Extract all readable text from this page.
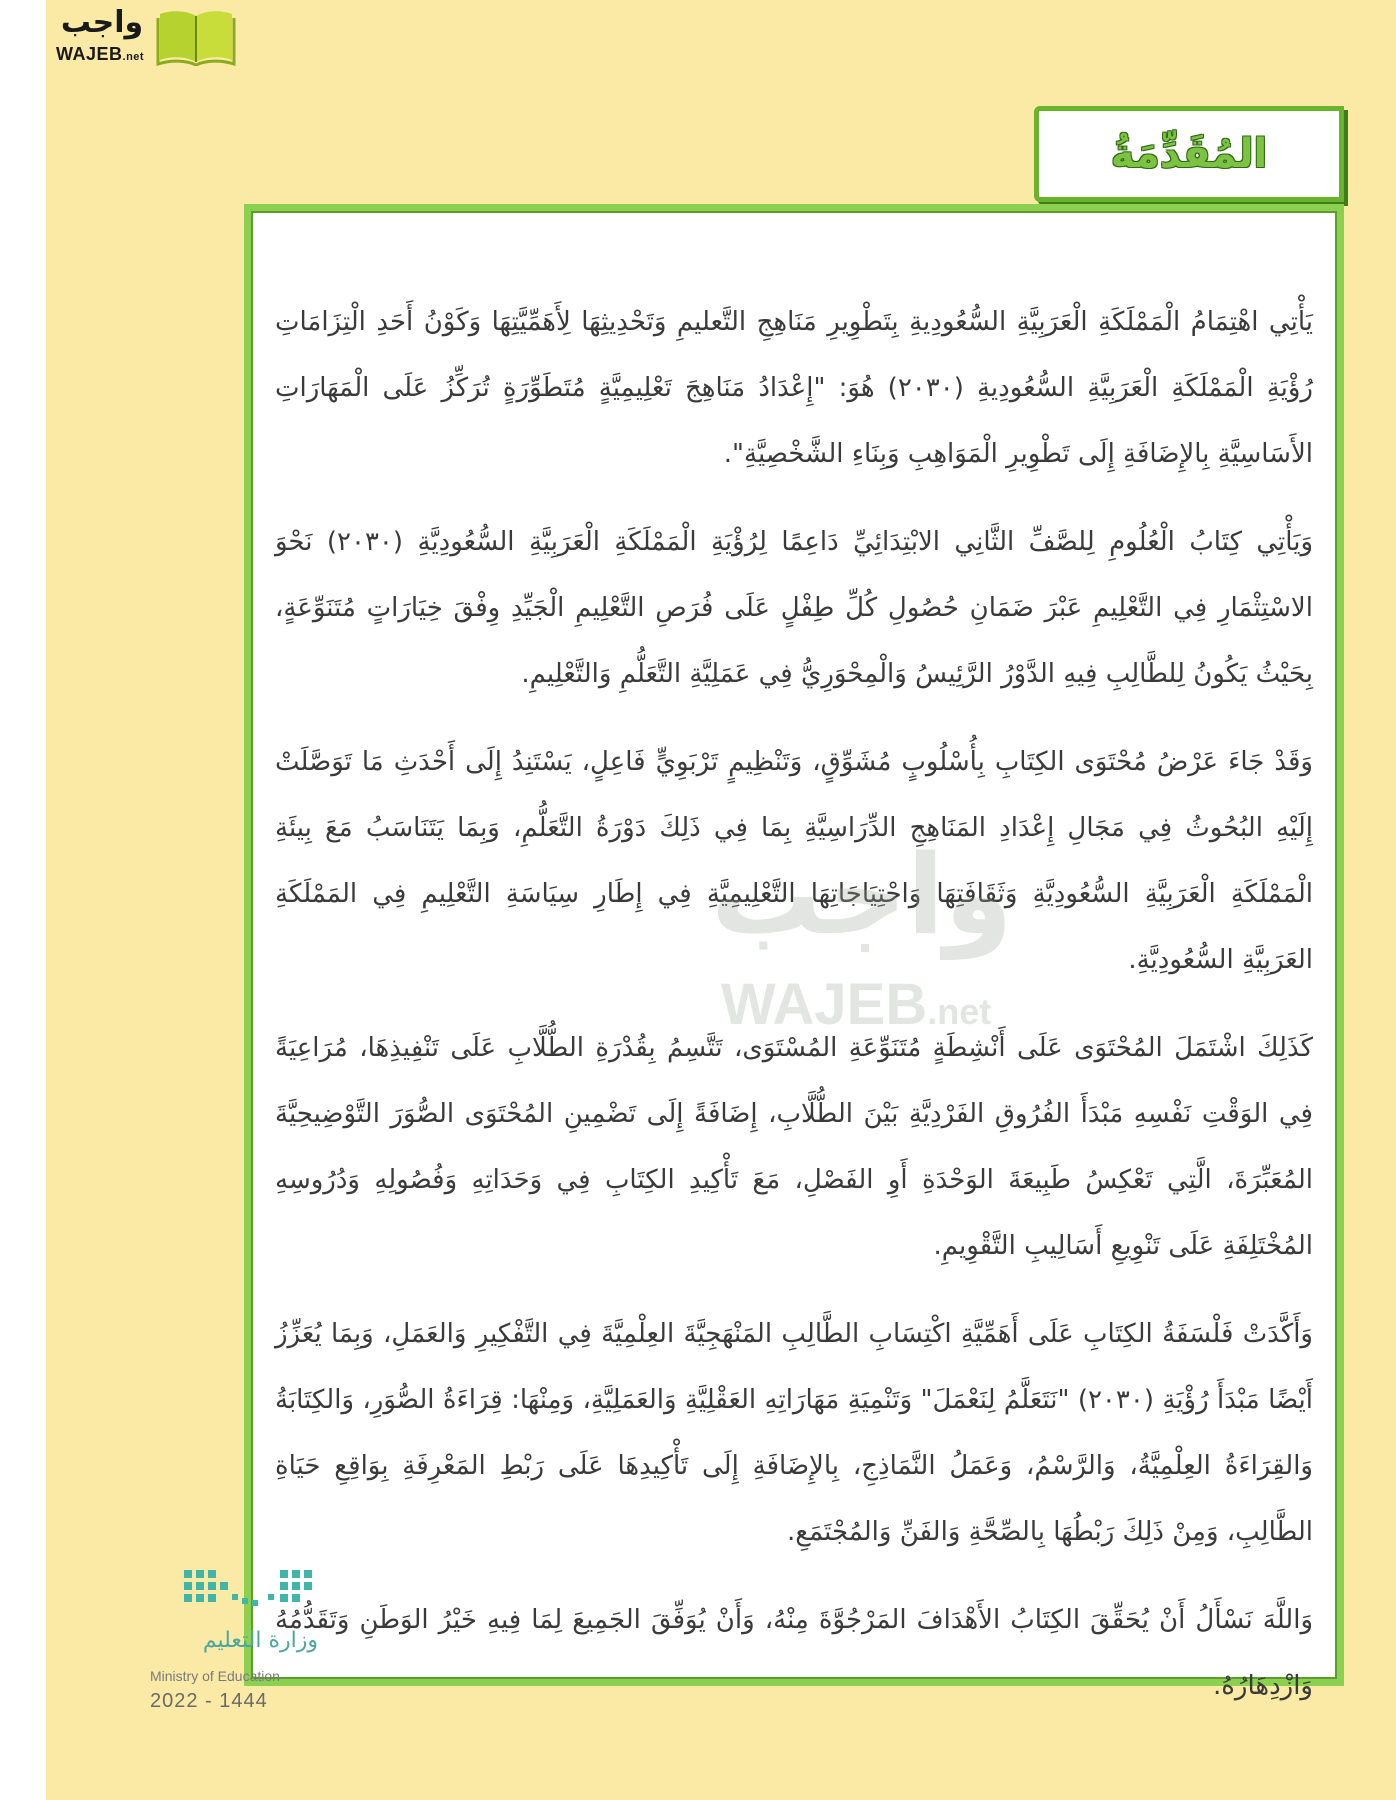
واجب
WAJEB.net
المُقَدِّمَةُ

يَأْتِي اهْتِمَامُ الْمَمْلَكَةِ الْعَرَبِيَّةِ السُّعُودِيةِ بِتَطْوِيرِ مَنَاهِجِ التَّعليمِ وَتَحْدِيثِهَا لِأَهَمِّيَّتِهَا وَكَوْنُ أَحَدِ الْتِزَامَاتِ رُؤْيَةِ الْمَمْلَكَةِ الْعَرَبِيَّةِ السُّعُودِيةِ (٢٠٣٠) هُوَ: "إِعْدَادُ مَنَاهِجَ تَعْلِيمِيَّةٍ مُتَطَوِّرَةٍ تُرَكِّزُ عَلَى الْمَهَارَاتِ الأَسَاسِيَّةِ بِالإِضَافَةِ إِلَى تَطْوِيرِ الْمَوَاهِبِ وَبِنَاءِ الشَّخْصِيَّةِ".

وَيَأْتِي كِتَابُ الْعُلُومِ لِلصَّفِّ الثَّانِي الابْتِدَائِيِّ دَاعِمًا لِرُؤْيَةِ الْمَمْلَكَةِ الْعَرَبِيَّةِ السُّعُودِيَّةِ (٢٠٣٠) نَحْوَ الاسْتِثْمَارِ فِي التَّعْلِيمِ عَبْرَ ضَمَانِ حُصُولِ كُلِّ طِفْلٍ عَلَى فُرَصِ التَّعْلِيمِ الْجَيِّدِ وِفْقَ خِيَارَاتٍ مُتَنَوِّعَةٍ، بِحَيْثُ يَكُونُ لِلطَّالِبِ فِيهِ الدَّوْرُ الرَّئِيسُ وَالْمِحْوَرِيُّ فِي عَمَلِيَّةِ التَّعَلُّمِ وَالتَّعْلِيمِ.

وَقَدْ جَاءَ عَرْضُ مُحْتَوَى الكِتَابِ بِأُسْلُوبٍ مُشَوِّقٍ، وَتَنْظِيمٍ تَرْبَوِيٍّ فَاعِلٍ، يَسْتَنِدُ إِلَى أَحْدَثِ مَا تَوَصَّلَتْ إِلَيْهِ البُحُوثُ فِي مَجَالِ إِعْدَادِ المَنَاهِجِ الدِّرَاسِيَّةِ بِمَا فِي ذَلِكَ دَوْرَةُ التَّعَلُّمِ، وَبِمَا يَتَنَاسَبُ مَعَ بِيئَةِ الْمَمْلَكَةِ الْعَرَبِيَّةِ السُّعُودِيَّةِ وَثَقَافَتِهَا وَاحْتِيَاجَاتِهَا التَّعْلِيمِيَّةِ فِي إِطَارِ سِيَاسَةِ التَّعْلِيمِ فِي المَمْلَكَةِ العَرَبِيَّةِ السُّعُودِيَّةِ.

كَذَلِكَ اشْتَمَلَ المُحْتَوَى عَلَى أَنْشِطَةٍ مُتَنَوِّعَةِ المُسْتَوَى، تَتَّسِمُ بِقُدْرَةِ الطُّلَّابِ عَلَى تَنْفِيذِهَا، مُرَاعِيَةً فِي الوَقْتِ نَفْسِهِ مَبْدَأَ الفُرُوقِ الفَرْدِيَّةِ بَيْنَ الطُّلَّابِ، إِضَافَةً إِلَى تَضْمِينِ المُحْتَوَى الصُّوَرَ التَّوْضِيحِيَّةَ المُعَبِّرَةَ، الَّتِي تَعْكِسُ طَبِيعَةَ الوَحْدَةِ أَوِ الفَصْلِ، مَعَ تَأْكِيدِ الكِتَابِ فِي وَحَدَاتِهِ وَفُصُولِهِ وَدُرُوسِهِ المُخْتَلِفَةِ عَلَى تَنْوِيعِ أَسَالِيبِ التَّقْوِيمِ.

وَأَكَّدَتْ فَلْسَفَةُ الكِتَابِ عَلَى أَهَمِّيَّةِ اكْتِسَابِ الطَّالِبِ المَنْهَجِيَّةَ العِلْمِيَّةَ فِي التَّفْكِيرِ وَالعَمَلِ، وَبِمَا يُعَزِّزُ أَيْضًا مَبْدَأَ رُؤْيَةِ (٢٠٣٠) "نَتَعَلَّمُ لِنَعْمَلَ" وَتَنْمِيَةِ مَهَارَاتِهِ العَقْلِيَّةِ وَالعَمَلِيَّةِ، وَمِنْهَا: قِرَاءَةُ الصُّوَرِ، وَالكِتَابَةُ وَالقِرَاءَةُ العِلْمِيَّةُ، وَالرَّسْمُ، وَعَمَلُ النَّمَاذِجِ، بِالإِضَافَةِ إِلَى تَأْكِيدِهَا عَلَى رَبْطِ المَعْرِفَةِ بِوَاقِعِ حَيَاةِ الطَّالِبِ، وَمِنْ ذَلِكَ رَبْطُهَا بِالصِّحَّةِ وَالفَنِّ وَالمُجْتَمَعِ.

وَاللَّهَ نَسْأَلُ أَنْ يُحَقِّقَ الكِتَابُ الأَهْدَافَ المَرْجُوَّةَ مِنْهُ، وَأَنْ يُوَفِّقَ الجَمِيعَ لِمَا فِيهِ خَيْرُ الوَطَنِ وَتَقَدُّمُهُ وَازْدِهَارُهُ.

واجب
WAJEB.net
وزارة التعليم
Ministry of Education
2022 - 1444
